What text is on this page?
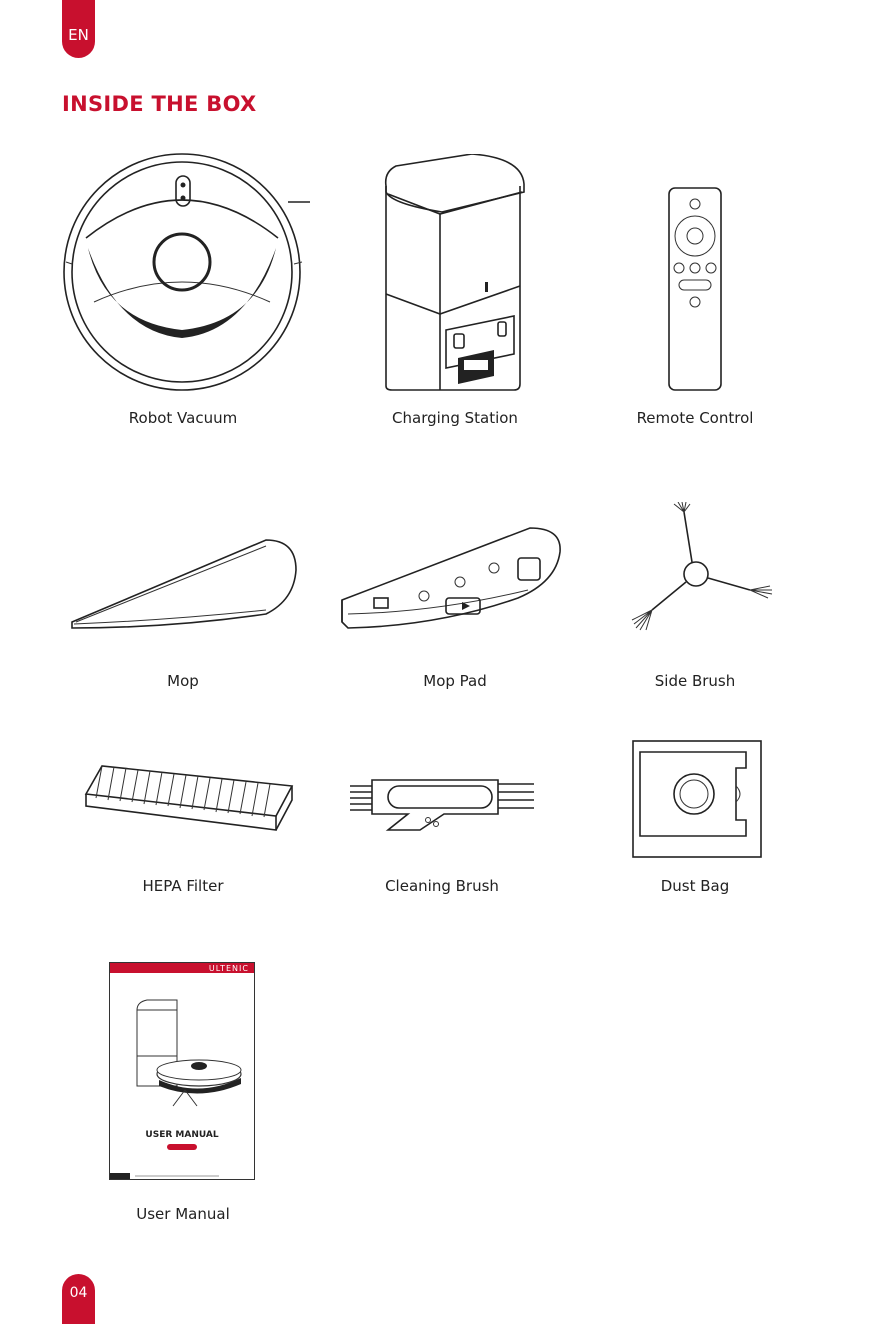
EN
INSIDE THE BOX
Robot Vacuum	Charging Station	Remote Control
Mop	Mop Pad	Side Brush
HEPA Filter	Cleaning Brush	Dust Bag
ULTENIC
USER MANUAL
User Manual
04
